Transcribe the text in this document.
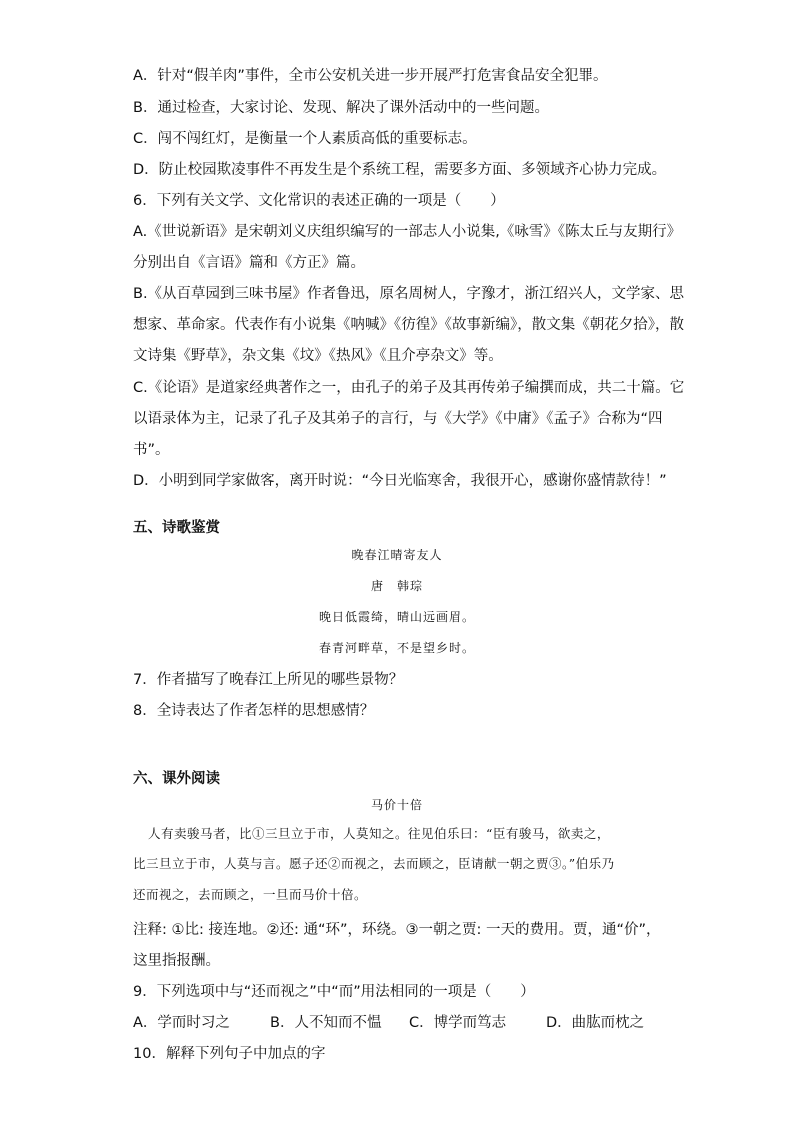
A．针对“假羊肉”事件，全市公安机关进一步开展严打危害食品安全犯罪。
B．通过检查，大家讨论、发现、解决了课外活动中的一些问题。
C．闯不闯红灯，是衡量一个人素质高低的重要标志。
D．防止校园欺凌事件不再发生是个系统工程，需要多方面、多领域齐心协力完成。
6．下列有关文学、文化常识的表述正确的一项是（　　）
A.《世说新语》是宋朝刘义庆组织编写的一部志人小说集,《咏雪》《陈太丘与友期行》
分别出自《言语》篇和《方正》篇。
B.《从百草园到三味书屋》作者鲁迅，原名周树人，字豫才，浙江绍兴人，文学家、思
想家、革命家。代表作有小说集《呐喊》《彷徨》《故事新编》，散文集《朝花夕拾》，散
文诗集《野草》，杂文集《坟》《热风》《且介亭杂文》等。
C.《论语》是道家经典著作之一，由孔子的弟子及其再传弟子编撰而成，共二十篇。它
以语录体为主，记录了孔子及其弟子的言行，与《大学》《中庸》《孟子》合称为“四
书”。
D．小明到同学家做客，离开时说：“今日光临寒舍，我很开心，感谢你盛情款待！”
五、诗歌鉴赏
晚春江晴寄友人
唐　韩琮
晚日低霞绮，晴山远画眉。
春青河畔草，不是望乡时。
7．作者描写了晚春江上所见的哪些景物？
8．全诗表达了作者怎样的思想感情？
六、课外阅读
马价十倍
人有卖骏马者，比①三旦立于市，人莫知之。往见伯乐曰：“臣有骏马，欲卖之，
比三旦立于市，人莫与言。愿子还②而视之，去而顾之，臣请献一朝之贾③。”伯乐乃
还而视之，去而顾之，一旦而马价十倍。
注释: ①比: 接连地。②还: 通“环”，环绕。③一朝之贾: 一天的费用。贾，通“价”，
这里指报酬。
9．下列选项中与“还而视之”中“而”用法相同的一项是（　　）
A．学而时习之	B．人不知而不愠 C．博学而笃志	D．曲肱而枕之
10．解释下列句子中加点的字
